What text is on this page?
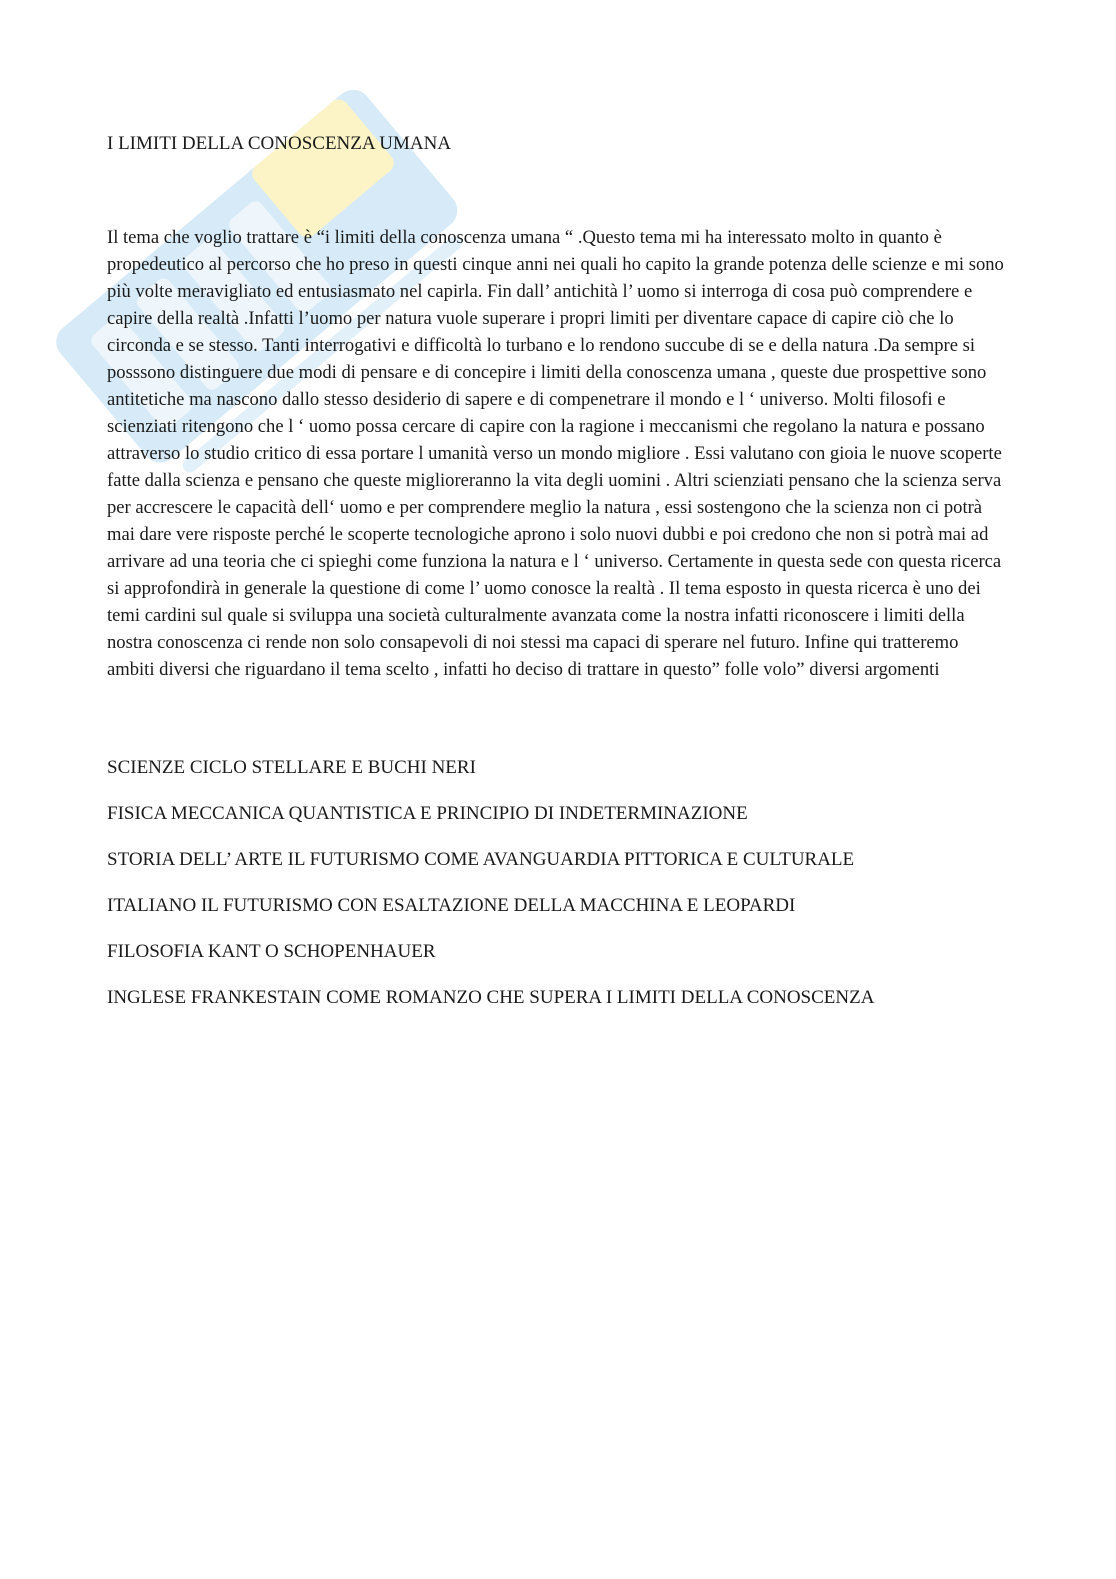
I LIMITI DELLA CONOSCENZA UMANA

Il tema che voglio trattare è “i limiti della conoscenza umana “ .Questo tema mi ha interessato molto in quanto è propedeutico al percorso che ho preso in questi cinque anni nei quali ho capito la grande potenza delle scienze e mi sono più volte meravigliato ed entusiasmato nel capirla. Fin dall’ antichità l’ uomo si interroga di cosa può comprendere e capire della realtà .Infatti l’uomo per natura vuole superare i propri limiti per diventare capace di capire ciò che lo circonda e se stesso. Tanti interrogativi e difficoltà lo turbano e lo rendono succube di se e della natura .Da sempre si posssono distinguere due modi di pensare e di concepire i limiti della conoscenza umana , queste due prospettive sono antitetiche ma nascono dallo stesso desiderio di sapere e di compenetrare il mondo e l ‘ universo. Molti filosofi e scienziati ritengono che l ‘ uomo possa cercare di capire con la ragione i meccanismi che regolano la natura e possano attraverso lo studio critico di essa portare l umanità verso un mondo migliore . Essi valutano con gioia le nuove scoperte fatte dalla scienza e pensano che queste miglioreranno la vita degli uomini . Altri scienziati pensano che la scienza serva per accrescere le capacità dell‘ uomo e per comprendere meglio la natura , essi sostengono che la scienza non ci potrà mai dare vere risposte perché le scoperte tecnologiche aprono i solo nuovi dubbi e poi credono che non si potrà mai ad arrivare ad una teoria che ci spieghi come funziona la natura e l ‘ universo. Certamente in questa sede con questa ricerca si approfondirà in generale la questione di come l’ uomo conosce la realtà . Il tema esposto in questa ricerca è uno dei temi cardini sul quale si sviluppa una società culturalmente avanzata come la nostra infatti riconoscere i limiti della nostra conoscenza ci rende non solo consapevoli di noi stessi ma capaci di sperare nel futuro. Infine qui tratteremo ambiti diversi che riguardano il tema scelto , infatti ho deciso di trattare in questo” folle volo” diversi argomenti

SCIENZE CICLO STELLARE E BUCHI NERI
FISICA MECCANICA QUANTISTICA E PRINCIPIO DI INDETERMINAZIONE
STORIA DELL’ ARTE IL FUTURISMO COME AVANGUARDIA PITTORICA E CULTURALE
ITALIANO IL FUTURISMO CON ESALTAZIONE DELLA MACCHINA E LEOPARDI
FILOSOFIA KANT O SCHOPENHAUER
INGLESE FRANKESTAIN COME ROMANZO CHE SUPERA I LIMITI DELLA CONOSCENZA
